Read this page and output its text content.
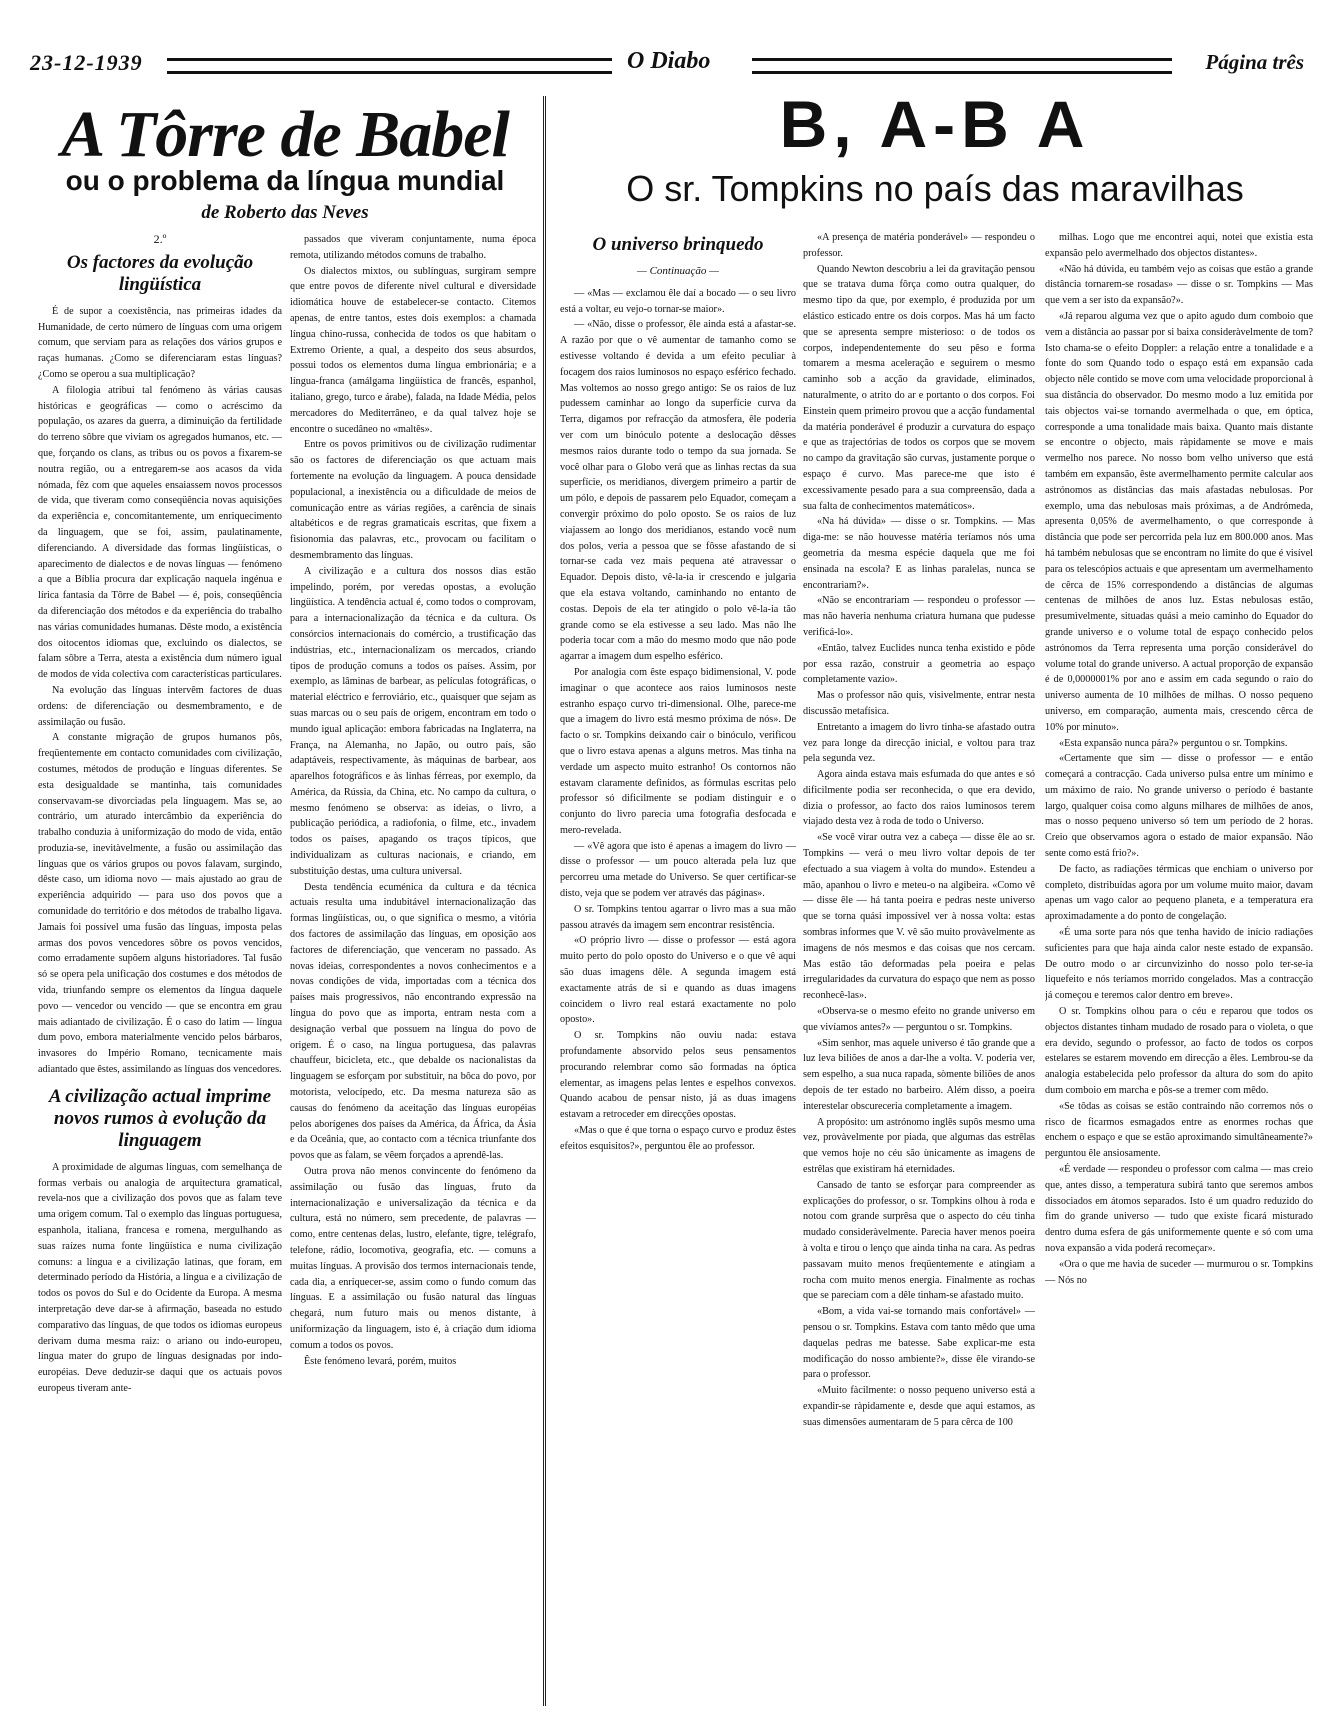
23-12-1939	O Diabo	Página três
A Tôrre de Babel
ou o problema da língua mundial
de Roberto das Neves
B, A-B A
O sr. Tompkins no país das maravilhas
2.º
Os factores da evolução lingüística

É de supor a coexistência, nas primeiras idades da Humanidade, de certo número de línguas com uma origem comum, que serviam para as relações dos vários grupos e raças humanas. ¿Como se diferenciaram estas línguas? ¿Como se operou a sua multiplicação?

A filologia atribui tal fenómeno às várias causas históricas e geográficas — como o acréscimo da população, os azares da guerra, a diminuição da fertilidade do terreno sôbre que viviam os agregados humanos, etc. — que, forçando os clans, as tribus ou os povos a fixarem-se noutra região, ou a entregarem-se aos acasos da vida nómada, fêz com que aqueles ensaiassem novos processos de vida, que tiveram como conseqüência novas aquisições da experiência e, concomitantemente, um enriquecimento da linguagem, que se foi, assim, paulatinamente, diferenciando. A diversidade das formas lingüísticas, o aparecimento de dialectos e de novas línguas — fenómeno a que a Bíblia procura dar explicação naquela ingénua e lírica fantasia da Tôrre de Babel — é, pois, conseqüência da diferenciação dos métodos e da experiência do trabalho nas várias comunidades humanas. Dêste modo, a existência dos oitocentos idiomas que, excluindo os dialectos, se falam sôbre a Terra, atesta a existência dum número igual de modos de vida colectiva com características particulares.

Na evolução das línguas intervêm factores de duas ordens: de diferenciação ou desmembramento, e de assimilação ou fusão.

A constante migração de grupos humanos pôs, freqüentemente em contacto comunidades com civilização, costumes, métodos de produção e línguas diferentes. Se esta desigualdade se mantinha, tais comunidades conservavam-se divorciadas pela linguagem. Mas se, ao contrário, um aturado intercâmbio da experiência do trabalho conduzia à uniformização do modo de vida, então produzia-se, inevitàvelmente, a fusão ou assimilação das línguas que os vários grupos ou povos falavam, surgindo, dêste caso, um idioma novo — mais ajustado ao grau de experiência adquirido — para uso dos povos que a comunidade do território e dos métodos de trabalho ligava. Jamais foi possível uma fusão das línguas, imposta pelas armas dos povos vencedores sôbre os povos vencidos, como erradamente supõem alguns historiadores. Tal fusão só se opera pela unificação dos costumes e dos métodos de vida, triunfando sempre os elementos da língua daquele povo — vencedor ou vencido — que se encontra em grau mais adiantado de civilização. É o caso do latim — língua dum povo, embora materialmente vencido pelos bárbaros, invasores do Império Romano, tecnicamente mais adiantado que êstes, assimilando as línguas dos vencedores.

A civilização actual imprime novos rumos à evolução da linguagem

A proximidade de algumas línguas, com semelhança de formas verbais ou analogia de arquitectura gramatical, revela-nos que a civilização dos povos que as falam teve uma origem comum. Tal o exemplo das línguas portuguesa, espanhola, italiana, francesa e romena, mergulhando as suas raízes numa fonte lingüística e numa civilização comuns: a língua e a civilização latinas, que foram, em determinado período da História, a língua e a civilização de todos os povos do Sul e do Ocidente da Europa. A mesma interpretação deve dar-se à afirmação, baseada no estudo comparativo das línguas, de que todos os idiomas europeus derivam duma mesma raiz: o ariano ou indo-europeu, língua mater do grupo de línguas designadas por indo-européias. Deve deduzir-se daqui que os actuais povos europeus tiveram ante-

passados que viveram conjuntamente, numa época remota, utilizando métodos comuns de trabalho.

Os dialectos mixtos, ou sublínguas, surgiram sempre que entre povos de diferente nível cultural e diversidade idiomática houve de estabelecer-se contacto. Citemos apenas, de entre tantos, estes dois exemplos: a chamada língua chino-russa, conhecida de todos os que habitam o Extremo Oriente, a qual, a despeito dos seus absurdos, possui todos os elementos duma língua embrionária; e a língua-franca (amálgama lingüística de francês, espanhol, italiano, grego, turco e árabe), falada, na Idade Média, pelos mercadores do Mediterrâneo, e da qual talvez hoje se encontre o sucedâneo no «maltês».

Entre os povos primitivos ou de civilização rudimentar são os factores de diferenciação os que actuam mais fortemente na evolução da linguagem. A pouca densidade populacional, a inexistência ou a dificuldade de meios de comunicação entre as várias regiões, a carência de sinais altabéticos e de regras gramaticais escritas, que fixem a fisionomia das palavras, etc., provocam ou facilitam o desmembramento das línguas.

A civilização e a cultura dos nossos dias estão impelindo, porém, por veredas opostas, a evolução lingüística. A tendência actual é, como todos o comprovam, para a internacionalização da técnica e da cultura. Os consórcios internacionais do comércio, a trustificação das indústrias, etc., internacionalizam os mercados, criando tipos de produção comuns a todos os países. Assim, por exemplo, as lâminas de barbear, as películas fotográficas, o material eléctrico e ferroviário, etc., quaisquer que sejam as suas marcas ou o seu país de origem, encontram em todo o mundo igual aplicação: embora fabricadas na Inglaterra, na França, na Alemanha, no Japão, ou outro país, são adaptáveis, respectivamente, às máquinas de barbear, aos aparelhos fotográficos e às linhas férreas, por exemplo, da América, da Rússia, da China, etc. No campo da cultura, o mesmo fenómeno se observa: as ideias, o livro, a publicação periódica, a radiofonia, o filme, etc., invadem todos os países, apagando os traços típicos, que individualizam as culturas nacionais, e criando, em substituição destas, uma cultura universal.

Desta tendência ecuménica da cultura e da técnica actuais resulta uma indubitável internacionalização das formas lingüísticas, ou, o que significa o mesmo, a vitória dos factores de assimilação das línguas, em oposição aos factores de diferenciação, que venceram no passado. As novas ideias, correspondentes a novos conhecimentos e a novas condições de vida, importadas com a técnica dos países mais progressivos, não encontrando expressão na língua do povo que as importa, entram nesta com a designação verbal que possuem na língua do povo de origem. É o caso, na língua portuguesa, das palavras chauffeur, bicicleta, etc., que debalde os nacionalistas da linguagem se esforçam por substituir, na bôca do povo, por motorista, velocípedo, etc. Da mesma natureza são as causas do fenómeno da aceitação das línguas européias pelos aborígenes dos países da América, da África, da Ásia e da Oceânia, que, ao contacto com a técnica triunfante dos povos que as falam, se vêem forçados a aprendê-las.

Outra prova não menos convincente do fenómeno da assimilação ou fusão das línguas, fruto da internacionalização e universalização da técnica e da cultura, está no número, sem precedente, de palavras — como, entre centenas delas, lustro, elefante, tigre, telégrafo, telefone, rádio, locomotiva, geografia, etc. — comuns a muitas línguas. A provisão dos termos internacionais tende, cada dia, a enriquecer-se, assim como o fundo comum das línguas. E a assimilação ou fusão natural das línguas chegará, num futuro mais ou menos distante, à uniformização da linguagem, isto é, à criação dum idioma comum a todos os povos.

Êste fenómeno levará, porém, muitos

O universo brinquedo
— Continuação —

— «Mas — exclamou êle daí a bocado — o seu livro está a voltar, eu vejo-o tornar-se maior».

— «Não, disse o professor, êle ainda está a afastar-se. A razão por que o vê aumentar de tamanho como se estivesse voltando é devida a um efeito peculiar à focagem dos raios luminosos no espaço esférico fechado. Mas voltemos ao nosso grego antigo: Se os raios de luz pudessem caminhar ao longo da superfície curva da Terra, digamos por refracção da atmosfera, êle poderia ver com um binóculo potente a deslocação dêsses mesmos raios durante todo o tempo da sua jornada. Se você olhar para o Globo verá que as linhas rectas da sua superfície, os meridianos, divergem primeiro a partir de um pólo, e depois de passarem pelo Equador, começam a convergir próximo do polo oposto. Se os raios de luz viajassem ao longo dos meridianos, estando você num dos polos, veria a pessoa que se fôsse afastando de si tornar-se cada vez mais pequena até atravessar o Equador. Depois disto, vê-la-ia ir crescendo e julgaria que ela estava voltando, caminhando no entanto de costas. Depois de ela ter atingido o polo vê-la-ia tão grande como se ela estivesse a seu lado. Mas não lhe poderia tocar com a mão do mesmo modo que não pode agarrar a imagem dum espelho esférico.

Por analogia com êste espaço bidimensional, V. pode imaginar o que acontece aos raios luminosos neste estranho espaço curvo tri-dimensional. Olhe, parece-me que a imagem do livro está mesmo próxima de nós». De facto o sr. Tompkins deixando cair o binóculo, verificou que o livro estava apenas a alguns metros. Mas tinha na verdade um aspecto muito estranho! Os contornos não estavam claramente definidos, as fórmulas escritas pelo professor só dificilmente se podiam distinguir e o conjunto do livro parecia uma fotografia desfocada e mero-revelada.

— «Vê agora que isto é apenas a imagem do livro — disse o professor — um pouco alterada pela luz que percorreu uma metade do Universo. Se quer certificar-se disto, veja que se podem ver através das páginas».

O sr. Tompkins tentou agarrar o livro mas a sua mão passou através da imagem sem encontrar resistência.

«O próprio livro — disse o professor — está agora muito perto do polo oposto do Universo e o que vê aqui são duas imagens dêle. A segunda imagem está exactamente atrás de si e quando as duas imagens coincidem o livro real estará exactamente no polo oposto».

O sr. Tompkins não ouviu nada: estava profundamente absorvido pelos seus pensamentos procurando relembrar como são formadas na óptica elementar, as imagens pelas lentes e espelhos convexos. Quando acabou de pensar nisto, já as duas imagens estavam a retroceder em direcções opostas.

«Mas o que é que torna o espaço curvo e produz êstes efeitos esquisitos?», perguntou êle ao professor.

«A presença de matéria ponderável» — respondeu o professor.

Quando Newton descobriu a lei da gravitação pensou que se tratava duma fôrça como outra qualquer, do mesmo tipo da que, por exemplo, é produzida por um elástico esticado entre os dois corpos. Mas há um facto que se apresenta sempre misterioso: o de todos os corpos, independentemente do seu pêso e forma tomarem a mesma aceleração e seguirem o mesmo caminho sob a acção da gravidade, eliminados, naturalmente, o atrito do ar e portanto o dos corpos. Foi Einstein quem primeiro provou que a acção fundamental da matéria ponderável é produzir a curvatura do espaço e que as trajectórias de todos os corpos que se movem no campo da gravitação são curvas, justamente porque o espaço é curvo. Mas parece-me que isto é excessivamente pesado para a sua compreensão, dada a sua falta de conhecimentos matemáticos».

«Na há dúvida» — disse o sr. Tompkins. — Mas diga-me: se não houvesse matéria teríamos nós uma geometria da mesma espécie daquela que me foi ensinada na escola? E as linhas paralelas, nunca se encontrariam?».

«Não se encontrariam — respondeu o professor — mas não haveria nenhuma criatura humana que pudesse verificá-lo».

«Então, talvez Euclides nunca tenha existido e pôde por essa razão, construir a geometria ao espaço completamente vazio».

Mas o professor não quis, visivelmente, entrar nesta discussão metafísica.

Entretanto a imagem do livro tinha-se afastado outra vez para longe da direcção inicial, e voltou para traz pela segunda vez.

Agora ainda estava mais esfumada do que antes e só dificilmente podia ser reconhecida, o que era devido, dizia o professor, ao facto dos raios luminosos terem viajado desta vez à roda de todo o Universo.

«Se você virar outra vez a cabeça — disse êle ao sr. Tompkins — verá o meu livro voltar depois de ter efectuado a sua viagem à volta do mundo». Estendeu a mão, apanhou o livro e meteu-o na algibeira. «Como vê — disse êle — há tanta poeira e pedras neste universo que se torna quási impossível ver à nossa volta: estas sombras informes que V. vê são muito provàvelmente as imagens de nós mesmos e das coisas que nos cercam. Mas estão tão deformadas pela poeira e pelas irregularidades da curvatura do espaço que nem as posso reconhecê-las».

«Observa-se o mesmo efeito no grande universo em que vivíamos antes?» — perguntou o sr. Tompkins.

«Sim senhor, mas aquele universo é tão grande que a luz leva biliões de anos a dar-lhe a volta. V. poderia ver, sem espelho, a sua nuca rapada, sòmente biliões de anos depois de ter estado no barbeiro. Além disso, a poeira interestelar obscureceria completamente a imagem.

A propósito: um astrónomo inglês supôs mesmo uma vez, provàvelmente por piada, que algumas das estrêlas que vemos hoje no céu são ùnicamente as imagens de estrêlas que existiram há eternidades.

Cansado de tanto se esforçar para compreender as explicações do professor, o sr. Tompkins olhou à roda e notou com grande surprêsa que o aspecto do céu tinha mudado consideràvelmente. Parecia haver menos poeira à volta e tirou o lenço que ainda tinha na cara. As pedras passavam muito menos freqüentemente e atingiam a rocha com muito menos energia. Finalmente as rochas que se pareciam com a dêle tinham-se afastado muito.

«Bom, a vida vai-se tornando mais confortável» — pensou o sr. Tompkins. Estava com tanto mêdo que uma daquelas pedras me batesse. Sabe explicar-me esta modificação do nosso ambiente?», disse êle virando-se para o professor.

«Muito fàcilmente: o nosso pequeno universo está a expandir-se ràpidamente e, desde que aqui estamos, as suas dimensões aumentaram de 5 para cêrca de 100

milhas. Logo que me encontrei aqui, notei que existia esta expansão pelo avermelhado dos objectos distantes».

«Não há dúvida, eu também vejo as coisas que estão a grande distância tornarem-se rosadas» — disse o sr. Tompkins — Mas que vem a ser isto da expansão?».

«Já reparou alguma vez que o apito agudo dum comboio que vem a distância ao passar por si baixa consideràvelmente de tom? Isto chama-se o efeito Doppler: a relação entre a tonalidade e a fonte do som Quando todo o espaço está em expansão cada objecto nêle contido se move com uma velocidade proporcional à sua distância do observador. Do mesmo modo a luz emitida por tais objectos vai-se tornando avermelhada o que, em óptica, corresponde a uma tonalidade mais baixa. Quanto mais distante se encontre o objecto, mais ràpidamente se move e mais vermelho nos parece. No nosso bom velho universo que está também em expansão, êste avermelhamento permite calcular aos astrónomos as distâncias das mais afastadas nebulosas. Por exemplo, uma das nebulosas mais próximas, a de Andrómeda, apresenta 0,05% de avermelhamento, o que corresponde à distância que pode ser percorrida pela luz em 800.000 anos. Mas há também nebulosas que se encontram no limite do que é visível para os telescópios actuais e que apresentam um avermelhamento de cêrca de 15% correspondendo a distâncias de algumas centenas de milhões de anos luz. Estas nebulosas estão, presumìvelmente, situadas quási a meio caminho do Equador do grande universo e o volume total de espaço conhecido pelos astrónomos da Terra representa uma porção considerável do volume total do grande universo. A actual proporção de expansão é de 0,0000001% por ano e assim em cada segundo o raio do universo aumenta de 10 milhões de milhas. O nosso pequeno universo, em comparação, aumenta mais, crescendo cêrca de 10% por minuto».

«Esta expansão nunca pára?» perguntou o sr. Tompkins.

«Certamente que sim — disse o professor — e então começará a contracção. Cada universo pulsa entre um mínimo e um máximo de raio. No grande universo o período é bastante largo, qualquer coisa como alguns milhares de milhões de anos, mas o nosso pequeno universo só tem um período de 2 horas. Creio que observamos agora o estado de maior expansão. Não sente como está frio?».

De facto, as radiações térmicas que enchiam o universo por completo, distribuídas agora por um volume muito maior, davam apenas um vago calor ao pequeno planeta, e a temperatura era aproximadamente a do ponto de congelação.

«É uma sorte para nós que tenha havido de início radiações suficientes para que haja ainda calor neste estado de expansão. De outro modo o ar circunvizinho do nosso polo ter-se-ia liquefeito e nós teríamos morrido congelados. Mas a contracção já começou e teremos calor dentro em breve».

O sr. Tompkins olhou para o céu e reparou que todos os objectos distantes tinham mudado de rosado para o violeta, o que era devido, segundo o professor, ao facto de todos os corpos estelares se estarem movendo em direcção a êles. Lembrou-se da analogia estabelecida pelo professor da altura do som do apito dum comboio em marcha e pôs-se a tremer com mêdo.

«Se tôdas as coisas se estão contraindo não corremos nós o risco de ficarmos esmagados entre as enormes rochas que enchem o espaço e que se estão aproximando simultâneamente?» perguntou êle ansiosamente.

«É verdade — respondeu o professor com calma — mas creio que, antes disso, a temperatura subirá tanto que seremos ambos dissociados em átomos separados. Isto é um quadro reduzido do fim do grande universo — tudo que existe ficará misturado dentro duma esfera de gás uniformemente quente e só com uma nova expansão a vida poderá recomeçar».

«Ora o que me havia de suceder — murmurou o sr. Tompkins — Nós no
